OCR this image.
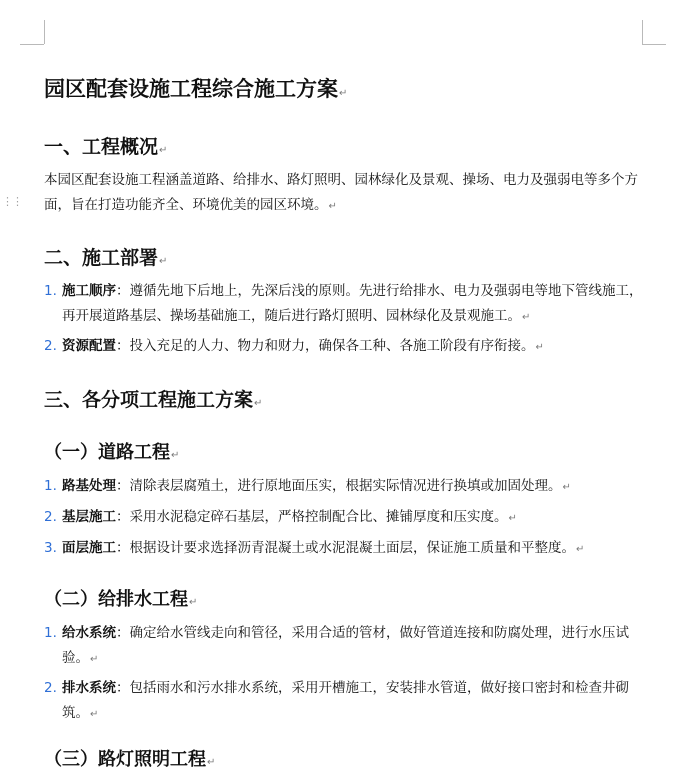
⋮⋮
园区配套设施工程综合施工方案↵
一、工程概况↵
本园区配套设施工程涵盖道路、给排水、路灯照明、园林绿化及景观、操场、电力及强弱电等多个方面，旨在打造功能齐全、环境优美的园区环境。↵
二、施工部署↵
1. 施工顺序：遵循先地下后地上，先深后浅的原则。先进行给排水、电力及强弱电等地下管线施工，再开展道路基层、操场基础施工，随后进行路灯照明、园林绿化及景观施工。↵
2. 资源配置：投入充足的人力、物力和财力，确保各工种、各施工阶段有序衔接。↵
三、各分项工程施工方案↵
（一）道路工程↵
1. 路基处理：清除表层腐殖土，进行原地面压实，根据实际情况进行换填或加固处理。↵
2. 基层施工：采用水泥稳定碎石基层，严格控制配合比、摊铺厚度和压实度。↵
3. 面层施工：根据设计要求选择沥青混凝土或水泥混凝土面层，保证施工质量和平整度。↵
（二）给排水工程↵
1. 给水系统：确定给水管线走向和管径，采用合适的管材，做好管道连接和防腐处理，进行水压试验。↵
2. 排水系统：包括雨水和污水排水系统，采用开槽施工，安装排水管道，做好接口密封和检查井砌筑。↵
（三）路灯照明工程↵
